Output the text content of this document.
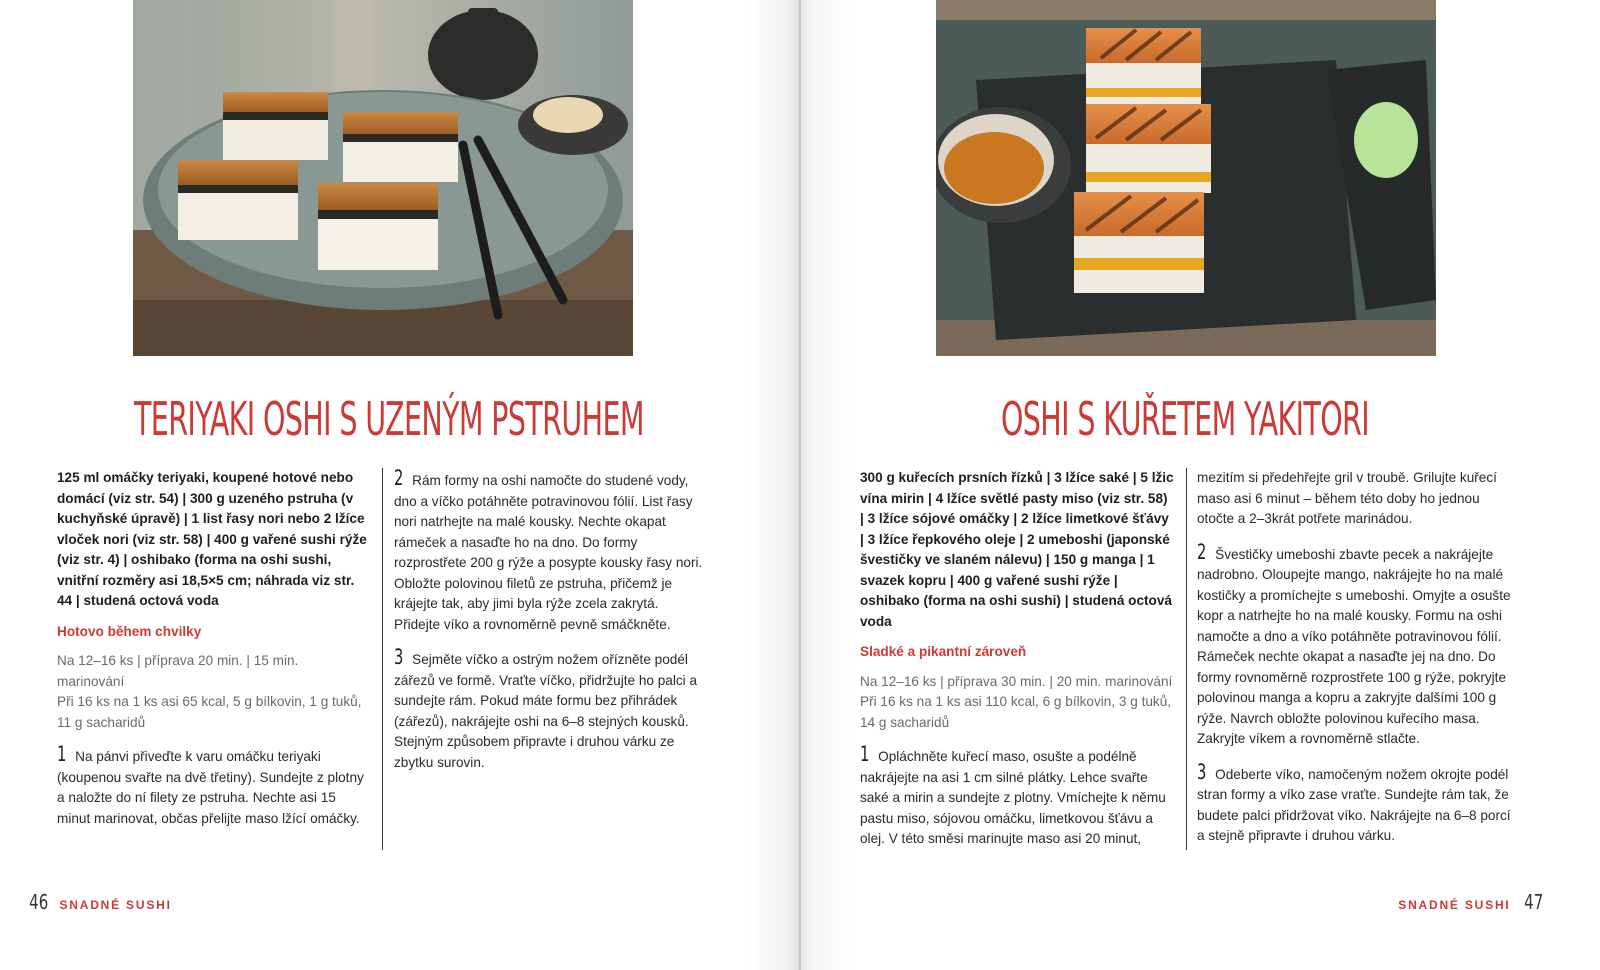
TERIYAKI OSHI S UZENÝM PSTRUHEM

125 ml omáčky teriyaki, koupené hotové nebo domácí (viz str. 54) | 300 g uzeného pstruha (v kuchyňské úpravě) | 1 list řasy nori nebo 2 lžíce vloček nori (viz str. 58) | 400 g vařené sushi rýže (viz str. 4) | oshibako (forma na oshi sushi, vnitřní rozměry asi 18,5×5 cm; náhrada viz str. 44 | studená octová voda

Hotovo během chvilky

Na 12–16 ks | příprava 20 min. | 15 min. marinování

Při 16 ks na 1 ks asi 65 kcal, 5 g bílkovin, 1 g tuků, 11 g sacharidů

1 Na pánvi přiveďte k varu omáčku teriyaki (koupenou svařte na dvě třetiny). Sundejte z plotny a naložte do ní filety ze pstruha. Nechte asi 15 minut marinovat, občas přelijte maso lžící omáčky.

2 Rám formy na oshi namočte do studené vody, dno a víčko potáhněte potravinovou fólií. List řasy nori natrhejte na malé kousky. Nechte okapat rámeček a nasaďte ho na dno. Do formy rozprostřete 200 g rýže a posypte kousky řasy nori. Obložte polovinou filetů ze pstruha, přičemž je krájejte tak, aby jimi byla rýže zcela zakrytá. Přidejte víko a rovnoměrně pevně smáčkněte.

3 Sejměte víčko a ostrým nožem ořízněte podél zářezů ve formě. Vraťte víčko, přidržujte ho palci a sundejte rám. Pokud máte formu bez přihrádek (zářezů), nakrájejte oshi na 6–8 stejných kousků. Stejným způsobem připravte i druhou várku ze zbytku surovin.

46 SNADNÉ SUSHI
OSHI S KUŘETEM YAKITORI

300 g kuřecích prsních řízků | 3 lžíce saké | 5 lžic vína mirin | 4 lžíce světlé pasty miso (viz str. 58) | 3 lžíce sójové omáčky | 2 lžíce limetkové šťávy | 3 lžíce řepkového oleje | 2 umeboshi (japonské švestičky ve slaném nálevu) | 150 g manga | 1 svazek kopru | 400 g vařené sushi rýže | oshibako (forma na oshi sushi) | studená octová voda

Sladké a pikantní zároveň

Na 12–16 ks | příprava 30 min. | 20 min. marinování

Při 16 ks na 1 ks asi 110 kcal, 6 g bílkovin, 3 g tuků, 14 g sacharidů

1 Opláchněte kuřecí maso, osušte a podélně nakrájejte na asi 1 cm silné plátky. Lehce svařte saké a mirin a sundejte z plotny. Vmíchejte k němu pastu miso, sójovou omáčku, limetkovou šťávu a olej. V této směsi marinujte maso asi 20 minut,

mezitím si předehřejte gril v troubě. Grilujte kuřecí maso asi 6 minut – během této doby ho jednou otočte a 2–3krát potřete marinádou.

2 Švestičky umeboshi zbavte pecek a nakrájejte nadrobno. Oloupejte mango, nakrájejte ho na malé kostičky a promíchejte s umeboshi. Omyjte a osušte kopr a natrhejte ho na malé kousky. Formu na oshi namočte a dno a víko potáhněte potravinovou fólií. Rámeček nechte okapat a nasaďte jej na dno. Do formy rovnoměrně rozprostřete 100 g rýže, pokryjte polovinou manga a kopru a zakryjte dalšími 100 g rýže. Navrch obložte polovinou kuřecího masa. Zakryjte víkem a rovnoměrně stlačte.

3 Odeberte víko, namočeným nožem okrojte podél stran formy a víko zase vraťte. Sundejte rám tak, že budete palci přidržovat víko. Nakrájejte na 6–8 porcí a stejně připravte i druhou várku.

SNADNÉ SUSHI 47
